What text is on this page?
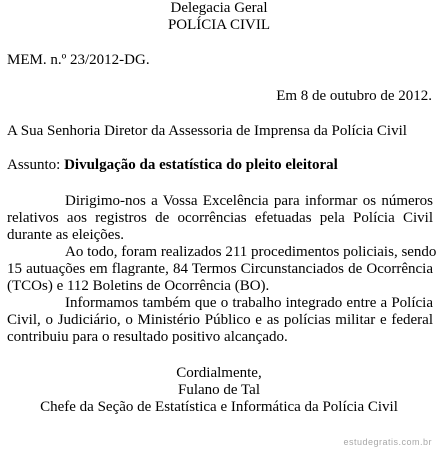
Delegacia Geral
POLÍCIA CIVIL
MEM. n.º 23/2012-DG.
Em 8 de outubro de 2012.
A Sua Senhoria Diretor da Assessoria de Imprensa da Polícia Civil
Assunto: Divulgação da estatística do pleito eleitoral
Dirigimo-nos a Vossa Excelência para informar os números
relativos aos registros de ocorrências efetuadas pela Polícia Civil
durante as eleições.
Ao todo, foram realizados 211 procedimentos policiais, sendo
15 autuações em flagrante, 84 Termos Circunstanciados de Ocorrência
(TCOs) e 112 Boletins de Ocorrência (BO).
Informamos também que o trabalho integrado entre a Polícia
Civil, o Judiciário, o Ministério Público e as polícias militar e federal
contribuiu para o resultado positivo alcançado.
Cordialmente,
Fulano de Tal
Chefe da Seção de Estatística e Informática da Polícia Civil
estudegratis.com.br
